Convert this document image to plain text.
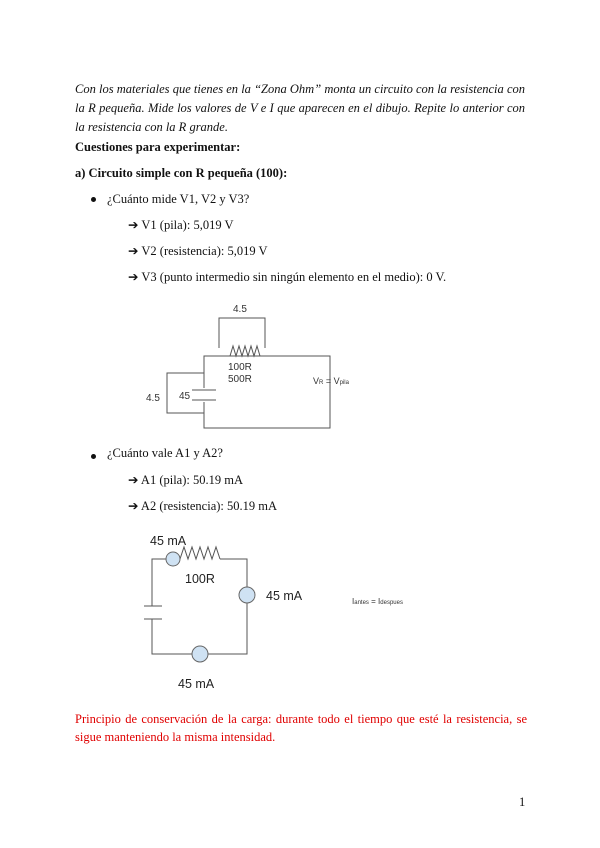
Con los materiales que tienes en la “Zona Ohm” monta un circuito con la resistencia con la R pequeña. Mide los valores de V e I que aparecen en el dibujo. Repite lo anterior con la resistencia con la R grande.
Cuestiones para experimentar:
a) Circuito simple con R pequeña (100):
¿Cuánto mide V1, V2 y V3?
➔ V1 (pila): 5,019 V
➔ V2 (resistencia): 5,019 V
➔ V3 (punto intermedio sin ningún elemento en el medio): 0 V.
4.5
100R
500R
4.5 45
VR = Vpila
¿Cuánto vale A1 y A2?
➔ A1 (pila): 50.19 mA
➔ A2 (resistencia): 50.19 mA
45 mA
100R
45 mA
45 mA
Iantes = Idespues
Principio de conservación de la carga: durante todo el tiempo que esté la resistencia, se sigue manteniendo la misma intensidad.
1
